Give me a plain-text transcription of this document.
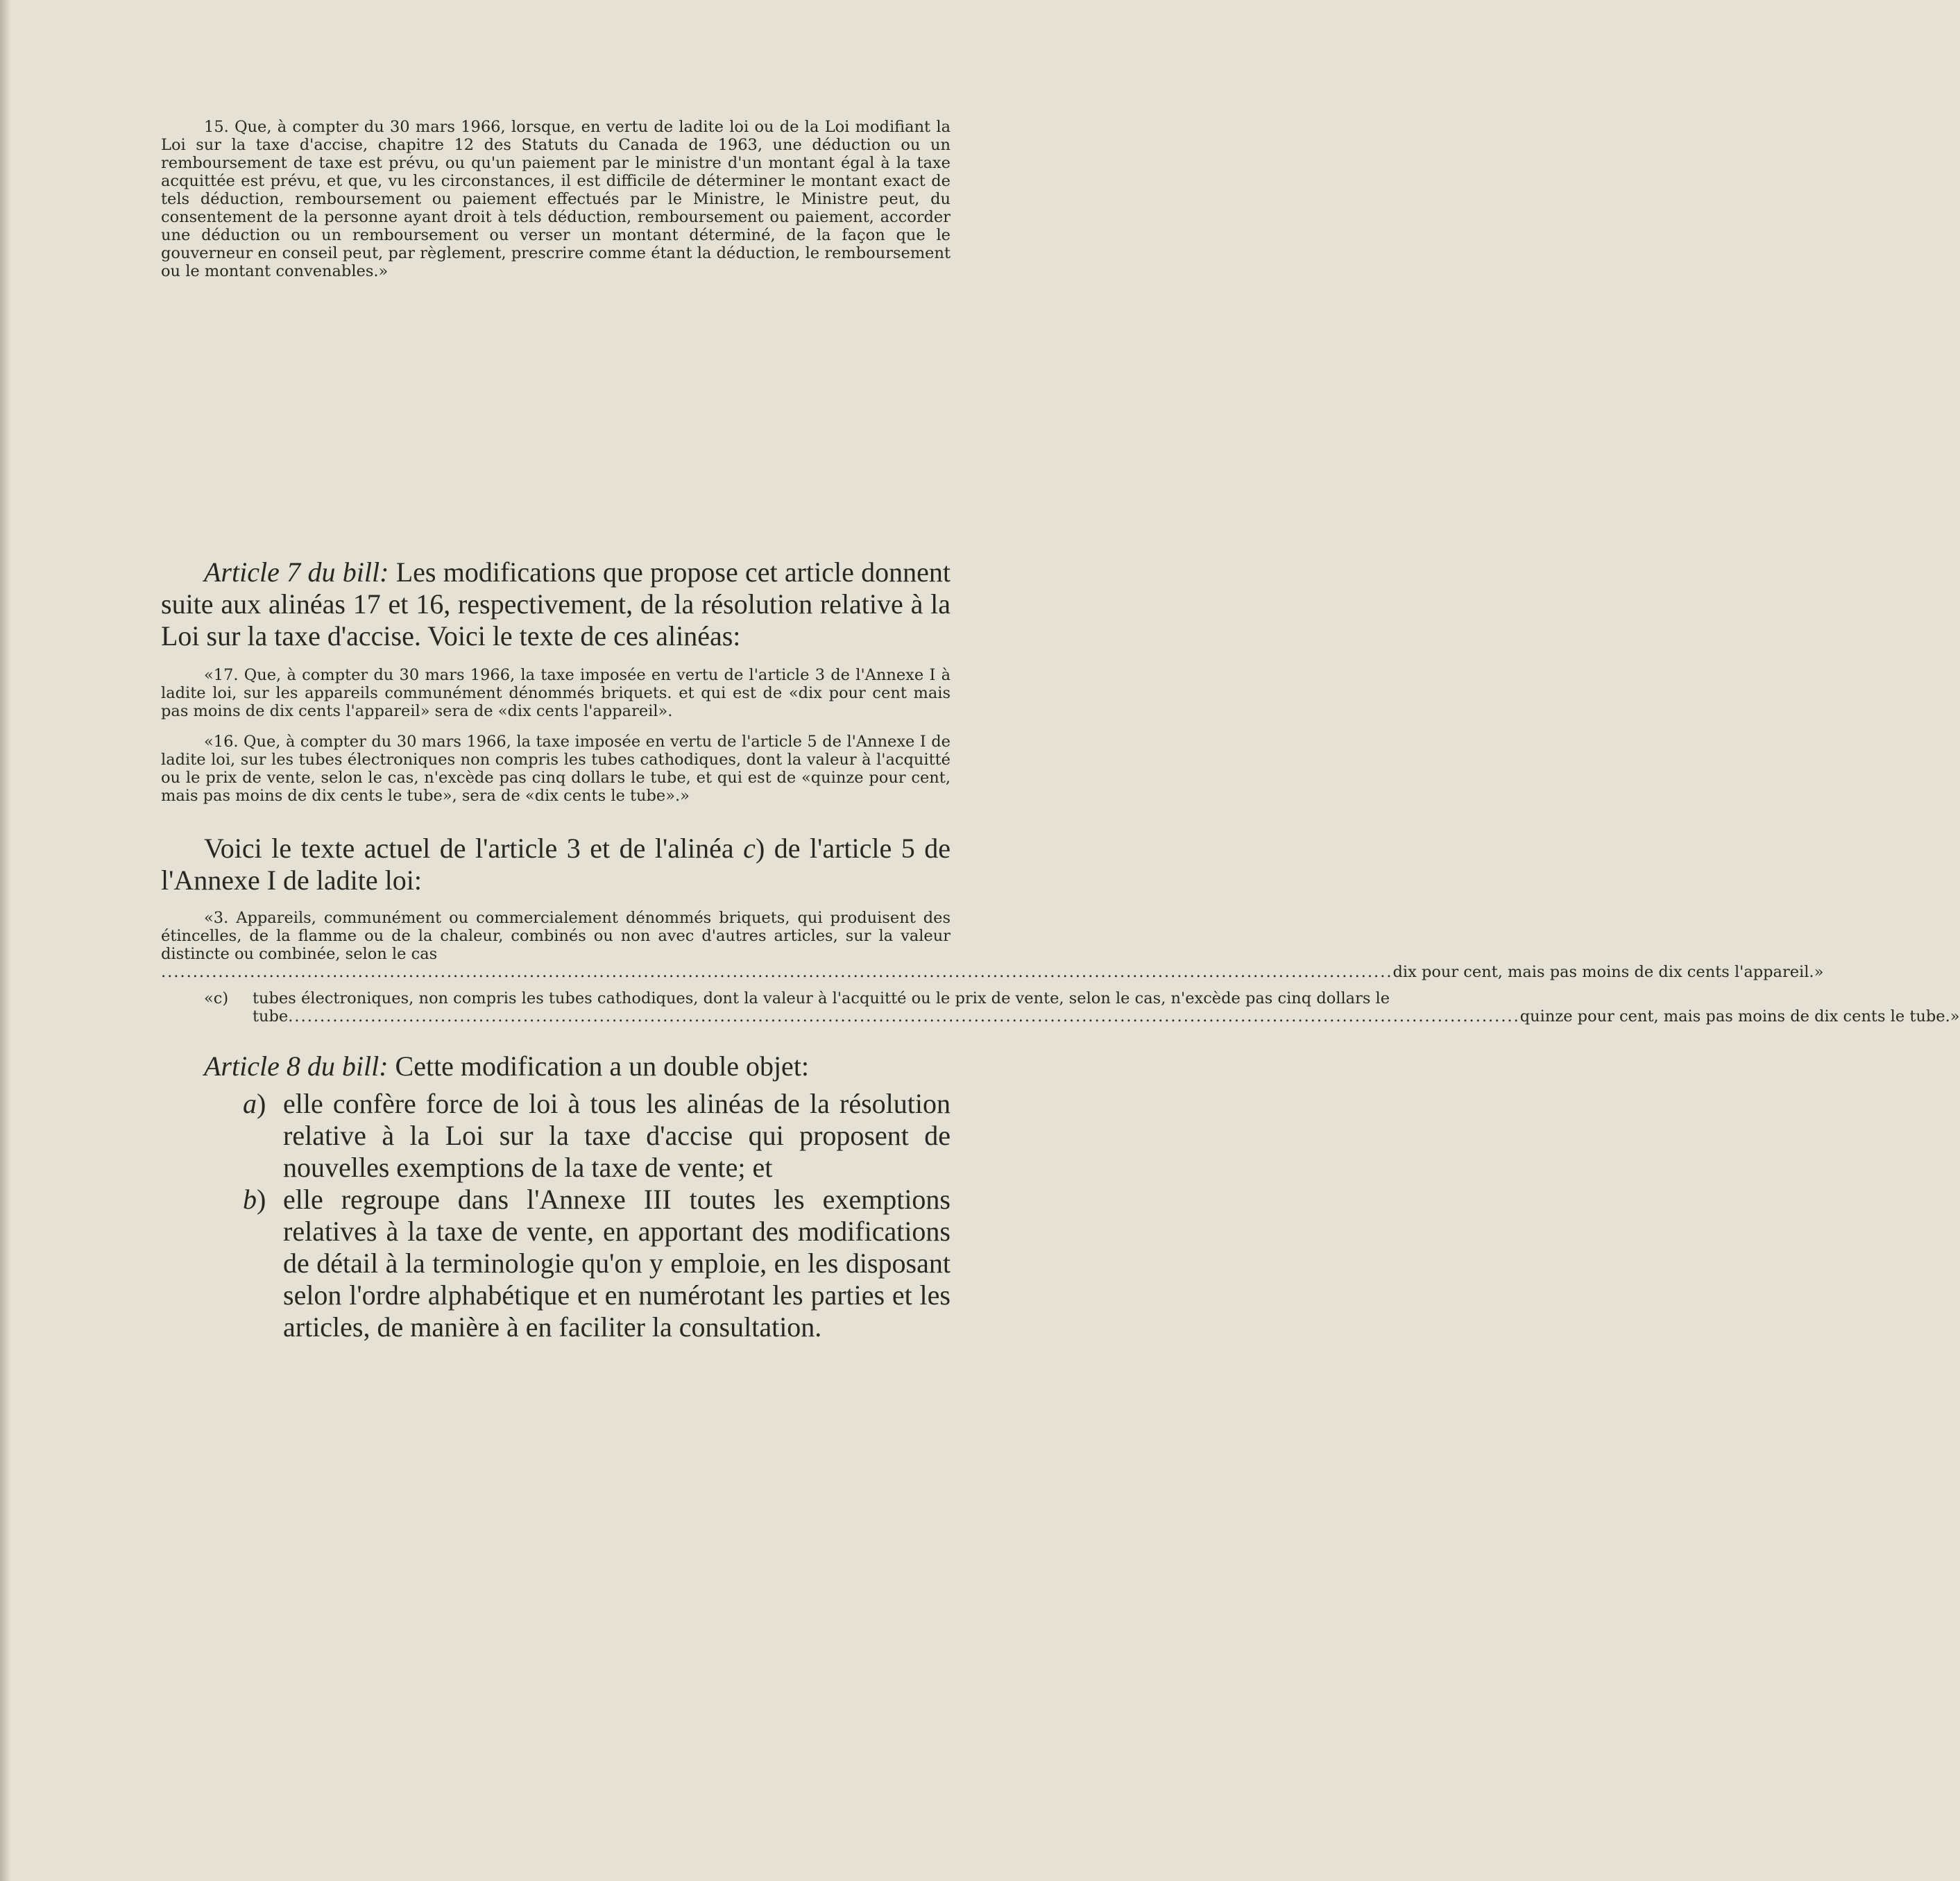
15. Que, à compter du 30 mars 1966, lorsque, en vertu de ladite loi ou de la Loi modifiant la Loi sur la taxe d'accise, chapitre 12 des Statuts du Canada de 1963, une déduction ou un remboursement de taxe est prévu, ou qu'un paiement par le ministre d'un montant égal à la taxe acquittée est prévu, et que, vu les circonstances, il est difficile de déterminer le montant exact de tels déduction, remboursement ou paiement effectués par le Ministre, le Ministre peut, du consentement de la personne ayant droit à tels déduction, remboursement ou paiement, accorder une déduction ou un remboursement ou verser un montant déterminé, de la façon que le gouverneur en conseil peut, par règlement, prescrire comme étant la déduction, le remboursement ou le montant convenables.»

Article 7 du bill: Les modifications que propose cet article donnent suite aux alinéas 17 et 16, respectivement, de la résolution relative à la Loi sur la taxe d'accise. Voici le texte de ces alinéas:

«17. Que, à compter du 30 mars 1966, la taxe imposée en vertu de l'article 3 de l'Annexe I à ladite loi, sur les appareils communément dénommés briquets. et qui est de «dix pour cent mais pas moins de dix cents l'appareil» sera de «dix cents l'appareil».

«16. Que, à compter du 30 mars 1966, la taxe imposée en vertu de l'article 5 de l'Annexe I de ladite loi, sur les tubes électroniques non compris les tubes cathodiques, dont la valeur à l'acquitté ou le prix de vente, selon le cas, n'excède pas cinq dollars le tube, et qui est de «quinze pour cent, mais pas moins de dix cents le tube», sera de «dix cents le tube».»

Voici le texte actuel de l'article 3 et de l'alinéa c) de l'article 5 de l'Annexe I de ladite loi:

«3. Appareils, communément ou commercialement dénommés briquets, qui produisent des étincelles, de la flamme ou de la chaleur, combinés ou non avec d'autres articles, sur la valeur distincte ou combinée, selon le cas

.....
dix pour cent, mais pas moins de dix cents l'appareil.»
«c)	tubes électroniques, non compris les tubes cathodiques, dont la valeur à l'acquitté ou le prix de vente, selon le cas, n'excède pas cinq dollars le

tube
.....	quinze pour cent, mais pas moins de dix cents le tube.»

Article 8 du bill: Cette modification a un double objet:

a) elle confère force de loi à tous les alinéas de la résolution relative à la Loi sur la taxe d'accise qui proposent de nouvelles exemptions de la taxe de vente; et
b) elle regroupe dans l'Annexe III toutes les exemptions relatives à la taxe de vente, en apportant des modifications de détail à la terminologie qu'on y emploie, en les disposant selon l'ordre alphabétique et en numérotant les parties et les articles, de manière à en faciliter la consultation.
